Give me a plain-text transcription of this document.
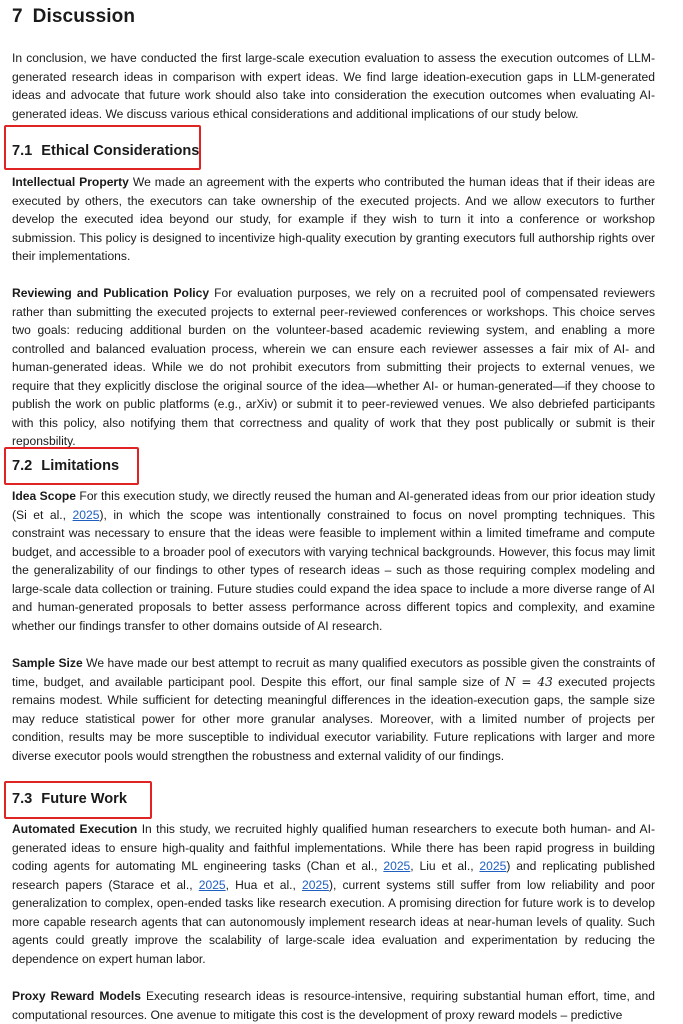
7 Discussion

In conclusion, we have conducted the first large-scale execution evaluation to assess the execution outcomes of LLM-generated research ideas in comparison with expert ideas. We find large ideation-execution gaps in LLM-generated ideas and advocate that future work should also take into consideration the execution outcomes when evaluating AI-generated ideas. We discuss various ethical considerations and additional implications of our study below.

7.1 Ethical Considerations

Intellectual Property We made an agreement with the experts who contributed the human ideas that if their ideas are executed by others, the executors can take ownership of the executed projects. And we allow executors to further develop the executed idea beyond our study, for example if they wish to turn it into a conference or workshop submission. This policy is designed to incentivize high-quality execution by granting executors full authorship rights over their implementations.

Reviewing and Publication Policy For evaluation purposes, we rely on a recruited pool of compensated reviewers rather than submitting the executed projects to external peer-reviewed conferences or workshops. This choice serves two goals: reducing additional burden on the volunteer-based academic reviewing system, and enabling a more controlled and balanced evaluation process, wherein we can ensure each reviewer assesses a fair mix of AI- and human-generated ideas. While we do not prohibit executors from submitting their projects to external venues, we require that they explicitly disclose the original source of the idea—whether AI- or human-generated—if they choose to publish the work on public platforms (e.g., arXiv) or submit it to peer-reviewed venues. We also debriefed participants with this policy, also notifying them that correctness and quality of work that they post publically or submit is their reponsbility.

7.2 Limitations

Idea Scope For this execution study, we directly reused the human and AI-generated ideas from our prior ideation study (Si et al., 2025), in which the scope was intentionally constrained to focus on novel prompting techniques. This constraint was necessary to ensure that the ideas were feasible to implement within a limited timeframe and compute budget, and accessible to a broader pool of executors with varying technical backgrounds. However, this focus may limit the generalizability of our findings to other types of research ideas – such as those requiring complex modeling and large-scale data collection or training. Future studies could expand the idea space to include a more diverse range of AI and human-generated proposals to better assess performance across different topics and complexity, and examine whether our findings transfer to other domains outside of AI research.

Sample Size We have made our best attempt to recruit as many qualified executors as possible given the constraints of time, budget, and available participant pool. Despite this effort, our final sample size of N = 43 executed projects remains modest. While sufficient for detecting meaningful differences in the ideation-execution gaps, the sample size may reduce statistical power for other more granular analyses. Moreover, with a limited number of projects per condition, results may be more susceptible to individual executor variability. Future replications with larger and more diverse executor pools would strengthen the robustness and external validity of our findings.

7.3 Future Work

Automated Execution In this study, we recruited highly qualified human researchers to execute both human- and AI-generated ideas to ensure high-quality and faithful implementations. While there has been rapid progress in building coding agents for automating ML engineering tasks (Chan et al., 2025, Liu et al., 2025) and replicating published research papers (Starace et al., 2025, Hua et al., 2025), current systems still suffer from low reliability and poor generalization to complex, open-ended tasks like research execution. A promising direction for future work is to develop more capable research agents that can autonomously implement research ideas at near-human levels of quality. Such agents could greatly improve the scalability of large-scale idea evaluation and experimentation by reducing the dependence on expert human labor.

Proxy Reward Models Executing research ideas is resource-intensive, requiring substantial human effort, time, and computational resources. One avenue to mitigate this cost is the development of proxy reward models – predictive
